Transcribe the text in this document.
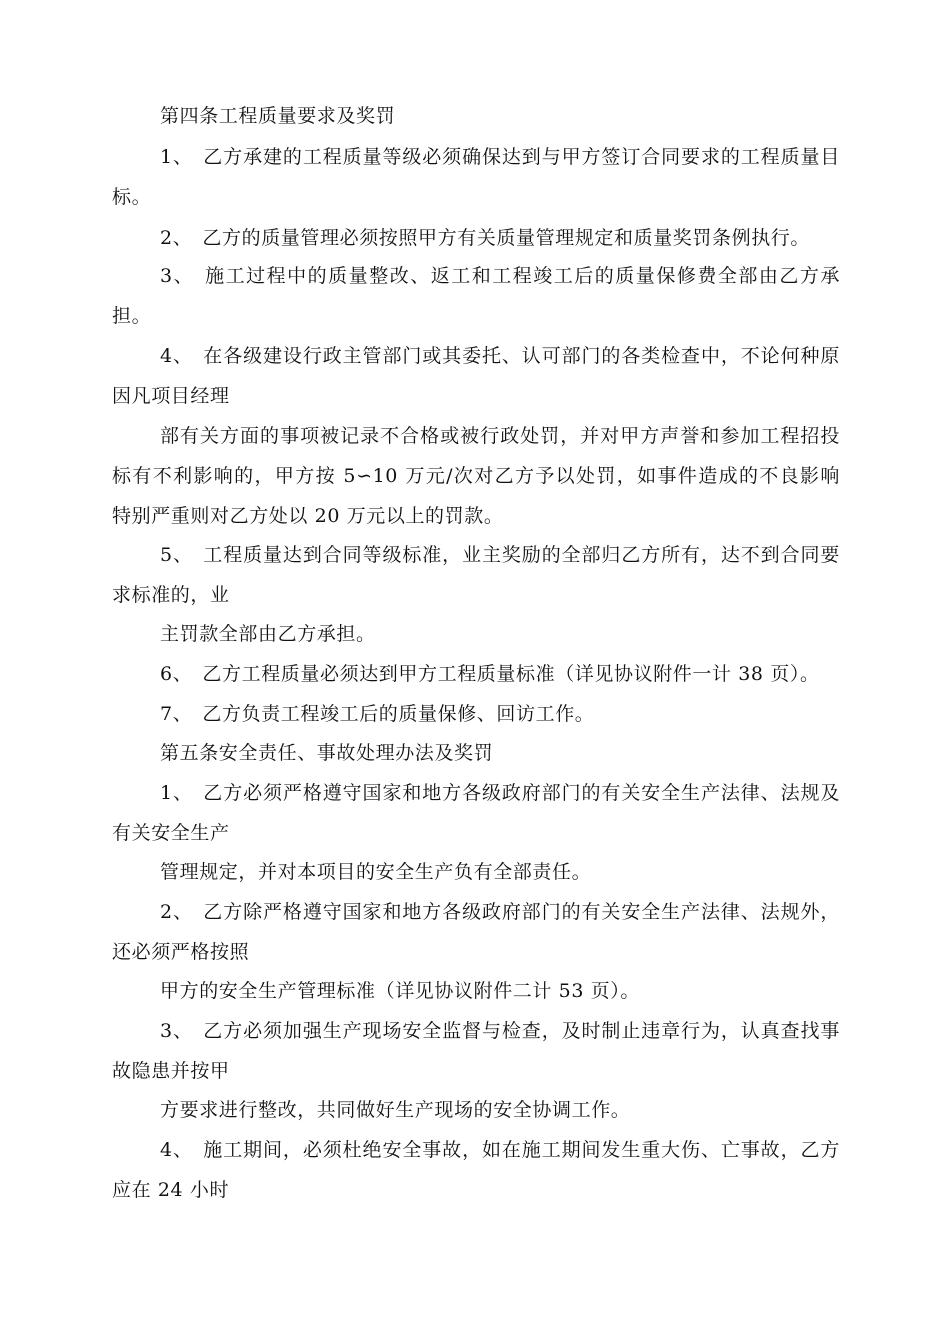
第四条工程质量要求及奖罚

1、　乙方承建的工程质量等级必须确保达到与甲方签订合同要求的工程质量目标。

2、　乙方的质量管理必须按照甲方有关质量管理规定和质量奖罚条例执行。

3、　施工过程中的质量整改、返工和工程竣工后的质量保修费全部由乙方承担。

4、　在各级建设行政主管部门或其委托、认可部门的各类检查中，不论何种原因凡项目经理

部有关方面的事项被记录不合格或被行政处罚，并对甲方声誉和参加工程招投标有不利影响的，甲方按 5∽10 万元/次对乙方予以处罚，如事件造成的不良影响　特别严重则对乙方处以 20 万元以上的罚款。

5、　工程质量达到合同等级标准，业主奖励的全部归乙方所有，达不到合同要求标准的，业

主罚款全部由乙方承担。

6、　乙方工程质量必须达到甲方工程质量标准（详见协议附件一计 38 页）。

7、　乙方负责工程竣工后的质量保修、回访工作。

第五条安全责任、事故处理办法及奖罚

1、　乙方必须严格遵守国家和地方各级政府部门的有关安全生产法律、法规及有关安全生产

管理规定，并对本项目的安全生产负有全部责任。

2、　乙方除严格遵守国家和地方各级政府部门的有关安全生产法律、法规外，还必须严格按照

甲方的安全生产管理标准（详见协议附件二计 53 页）。

3、　乙方必须加强生产现场安全监督与检查，及时制止违章行为，认真查找事故隐患并按甲

方要求进行整改，共同做好生产现场的安全协调工作。

4、　施工期间，必须杜绝安全事故，如在施工期间发生重大伤、亡事故，乙方应在 24 小时
